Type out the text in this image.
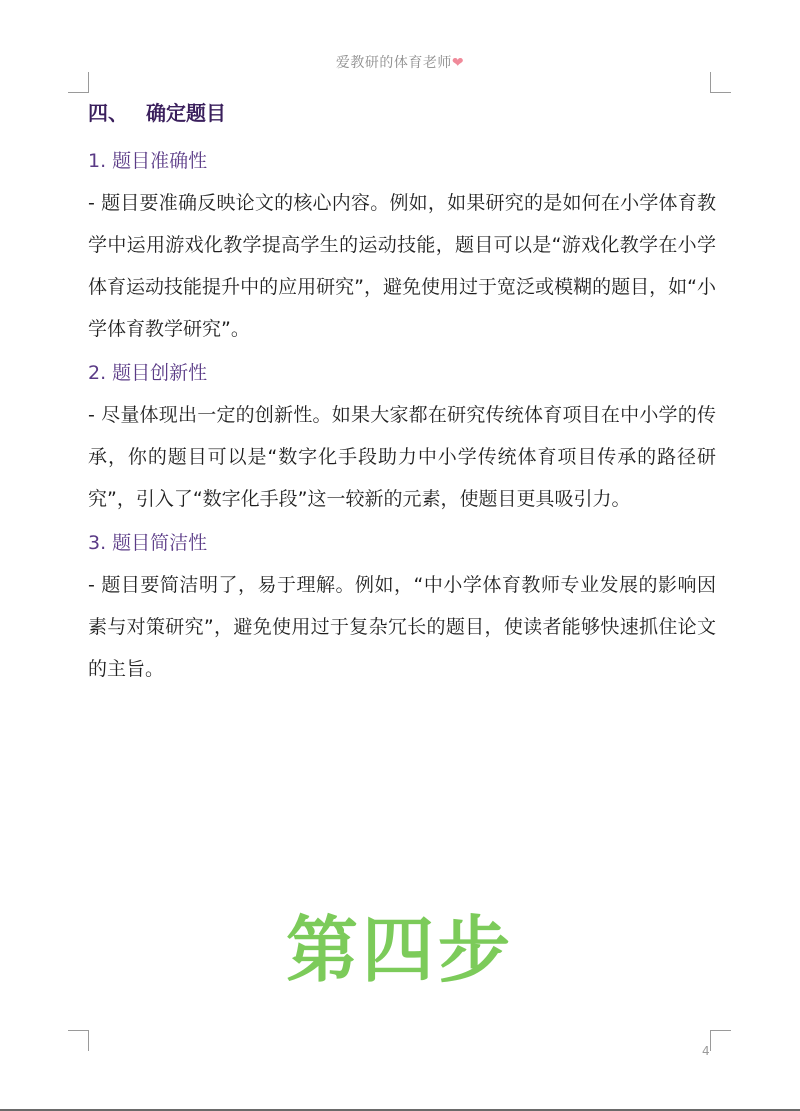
爱教研的体育老师❤
四、 确定题目

1. 题目准确性

- 题目要准确反映论文的核心内容。例如，如果研究的是如何在小学体育教学中运用游戏化教学提高学生的运动技能，题目可以是“游戏化教学在小学体育运动技能提升中的应用研究”，避免使用过于宽泛或模糊的题目，如“小学体育教学研究”。

2. 题目创新性

- 尽量体现出一定的创新性。如果大家都在研究传统体育项目在中小学的传承，你的题目可以是“数字化手段助力中小学传统体育项目传承的路径研究”，引入了“数字化手段”这一较新的元素，使题目更具吸引力。

3. 题目简洁性

- 题目要简洁明了，易于理解。例如，“中小学体育教师专业发展的影响因素与对策研究”，避免使用过于复杂冗长的题目，使读者能够快速抓住论文的主旨。

第四步
4
